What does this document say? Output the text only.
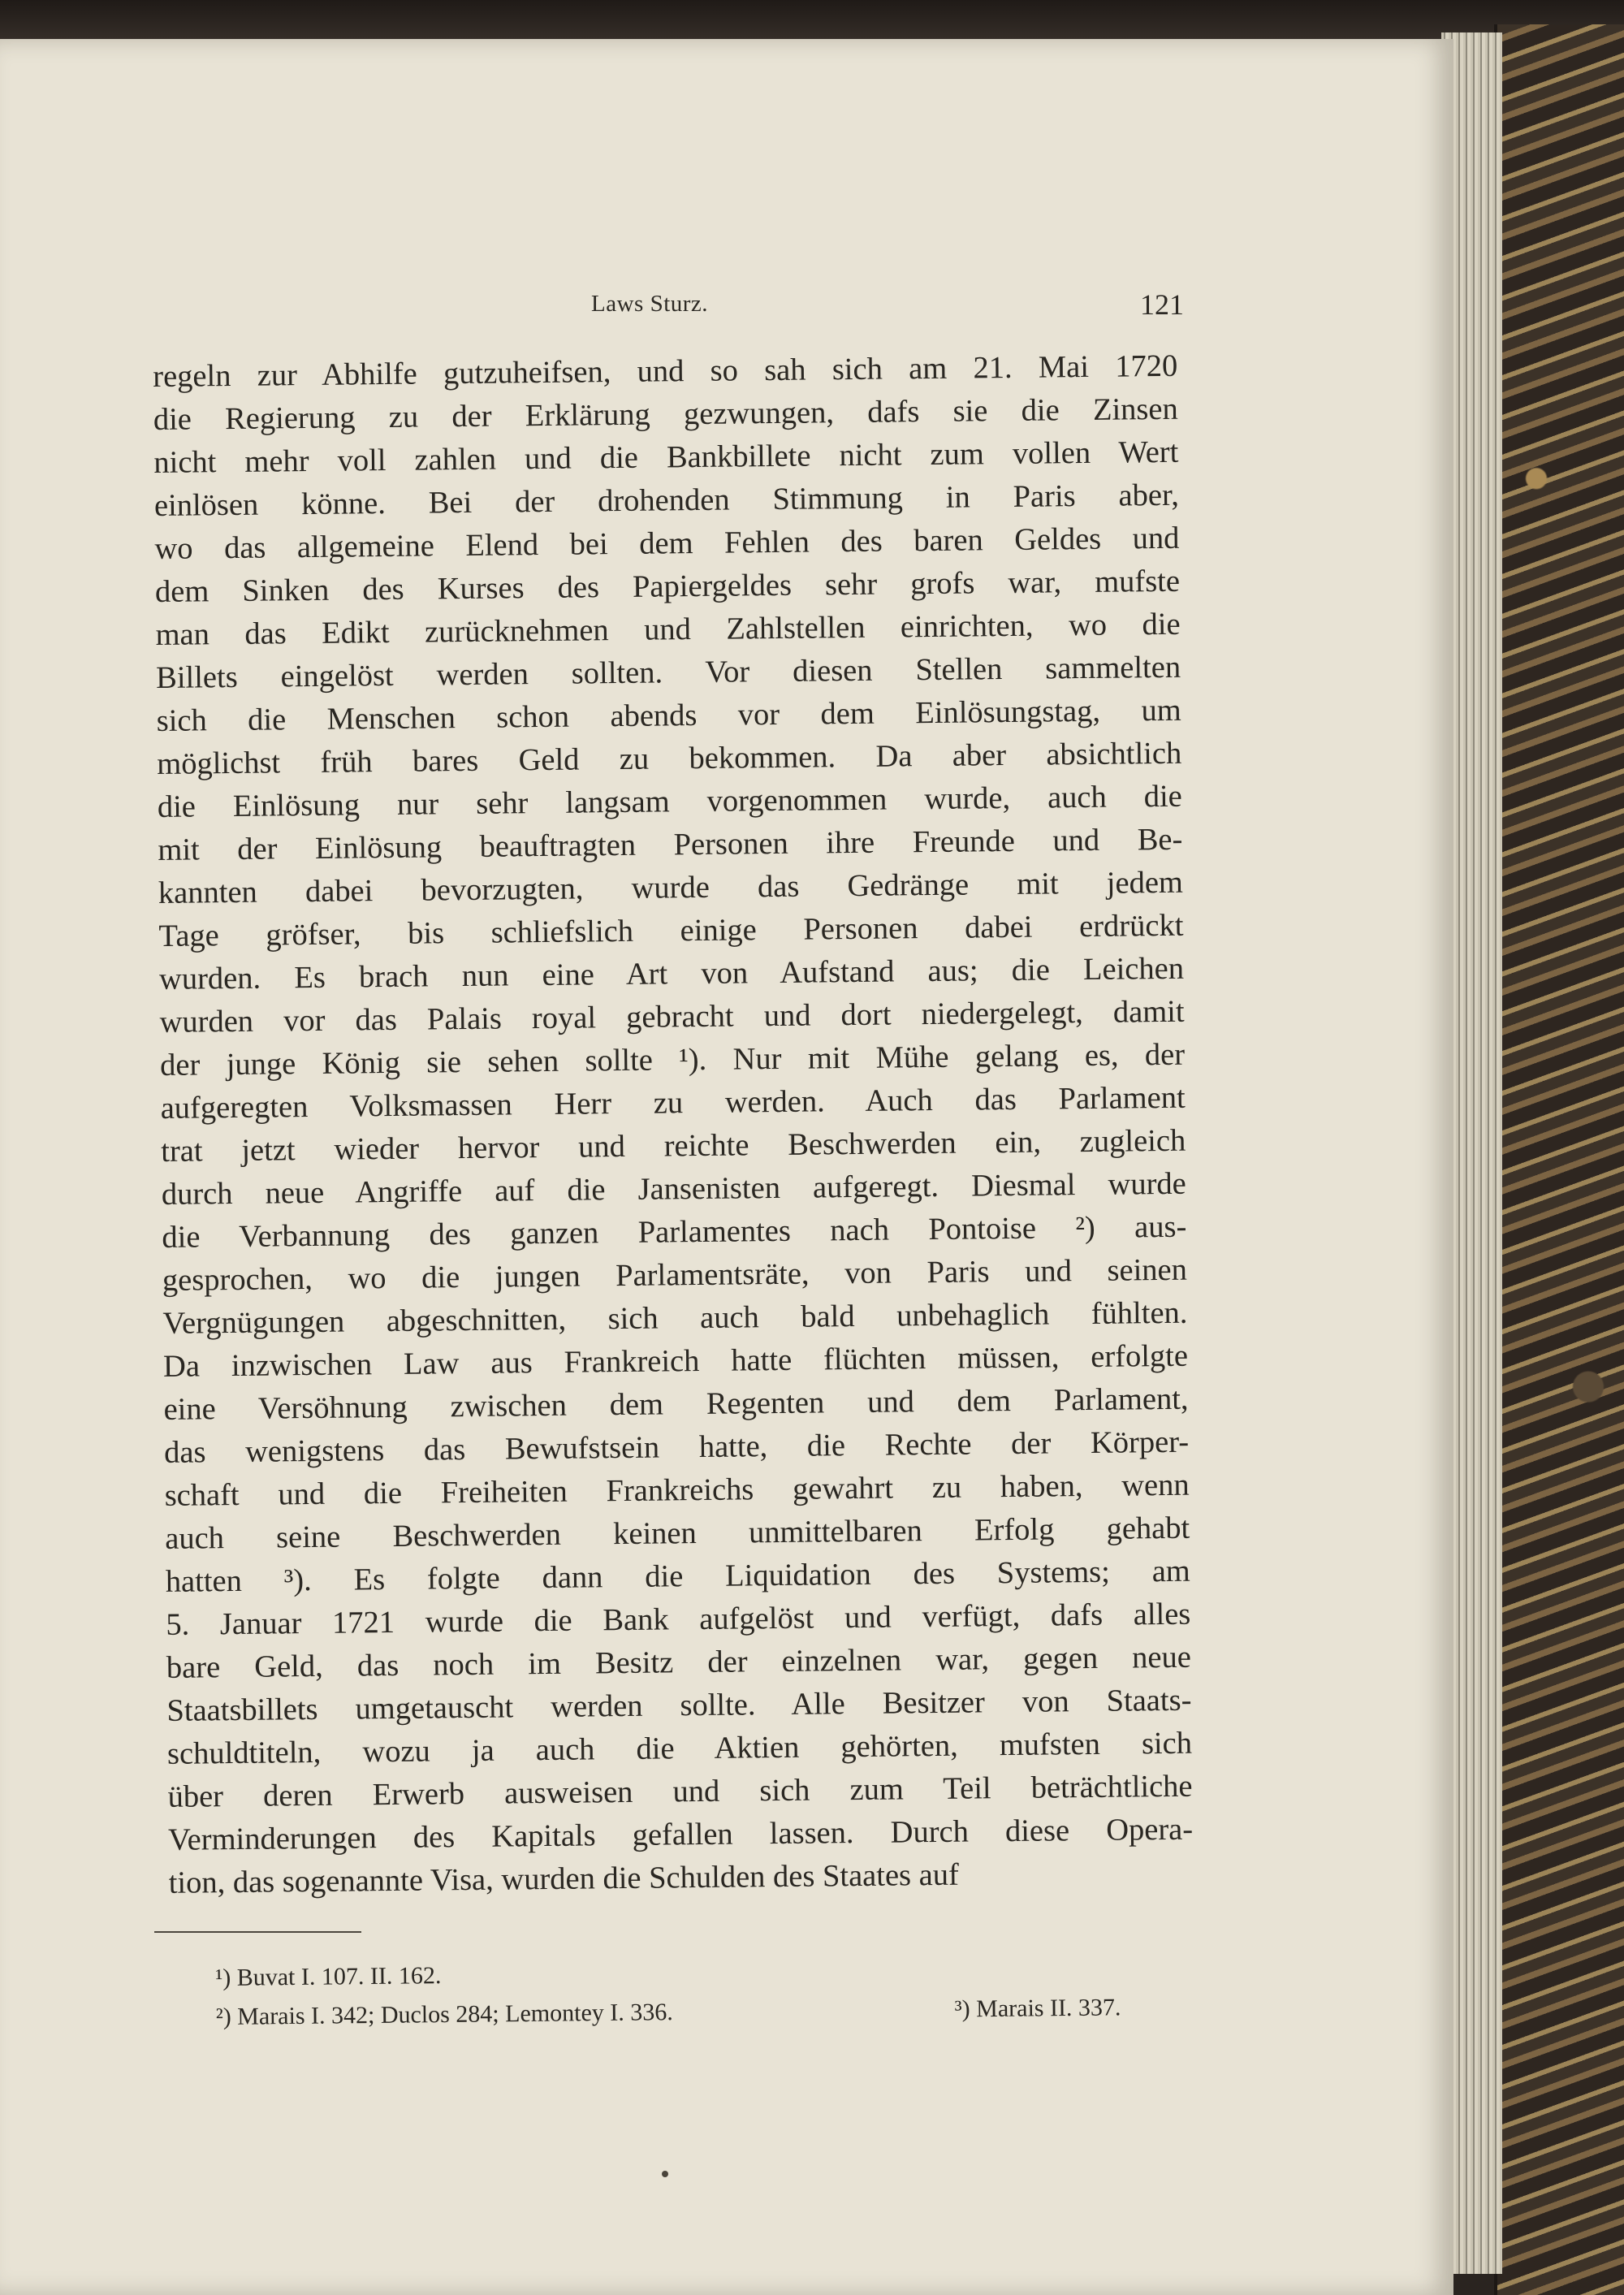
Laws Sturz.	121
regeln zur Abhilfe gutzuheifsen, und so sah sich am 21. Mai 1720
die Regierung zu der Erklärung gezwungen, dafs sie die Zinsen
nicht mehr voll zahlen und die Bankbillete nicht zum vollen Wert
einlösen könne. Bei der drohenden Stimmung in Paris aber,
wo das allgemeine Elend bei dem Fehlen des baren Geldes und
dem Sinken des Kurses des Papiergeldes sehr grofs war, mufste
man das Edikt zurücknehmen und Zahlstellen einrichten, wo die
Billets eingelöst werden sollten. Vor diesen Stellen sammelten
sich die Menschen schon abends vor dem Einlösungstag, um
möglichst früh bares Geld zu bekommen. Da aber absichtlich
die Einlösung nur sehr langsam vorgenommen wurde, auch die
mit der Einlösung beauftragten Personen ihre Freunde und Be-
kannten dabei bevorzugten, wurde das Gedränge mit jedem
Tage gröfser, bis schliefslich einige Personen dabei erdrückt
wurden. Es brach nun eine Art von Aufstand aus; die Leichen
wurden vor das Palais royal gebracht und dort niedergelegt, damit
der junge König sie sehen sollte ¹). Nur mit Mühe gelang es, der
aufgeregten Volksmassen Herr zu werden. Auch das Parlament
trat jetzt wieder hervor und reichte Beschwerden ein, zugleich
durch neue Angriffe auf die Jansenisten aufgeregt. Diesmal wurde
die Verbannung des ganzen Parlamentes nach Pontoise ²) aus-
gesprochen, wo die jungen Parlamentsräte, von Paris und seinen
Vergnügungen abgeschnitten, sich auch bald unbehaglich fühlten.
Da inzwischen Law aus Frankreich hatte flüchten müssen, erfolgte
eine Versöhnung zwischen dem Regenten und dem Parlament,
das wenigstens das Bewufstsein hatte, die Rechte der Körper-
schaft und die Freiheiten Frankreichs gewahrt zu haben, wenn
auch seine Beschwerden keinen unmittelbaren Erfolg gehabt
hatten ³). Es folgte dann die Liquidation des Systems; am
5. Januar 1721 wurde die Bank aufgelöst und verfügt, dafs alles
bare Geld, das noch im Besitz der einzelnen war, gegen neue
Staatsbillets umgetauscht werden sollte. Alle Besitzer von Staats-
schuldtiteln, wozu ja auch die Aktien gehörten, mufsten sich
über deren Erwerb ausweisen und sich zum Teil beträchtliche
Verminderungen des Kapitals gefallen lassen. Durch diese Opera-
tion, das sogenannte Visa, wurden die Schulden des Staates auf
¹) Buvat I. 107. II. 162.
²) Marais I. 342; Duclos 284; Lemontey I. 336.	³) Marais II. 337.
